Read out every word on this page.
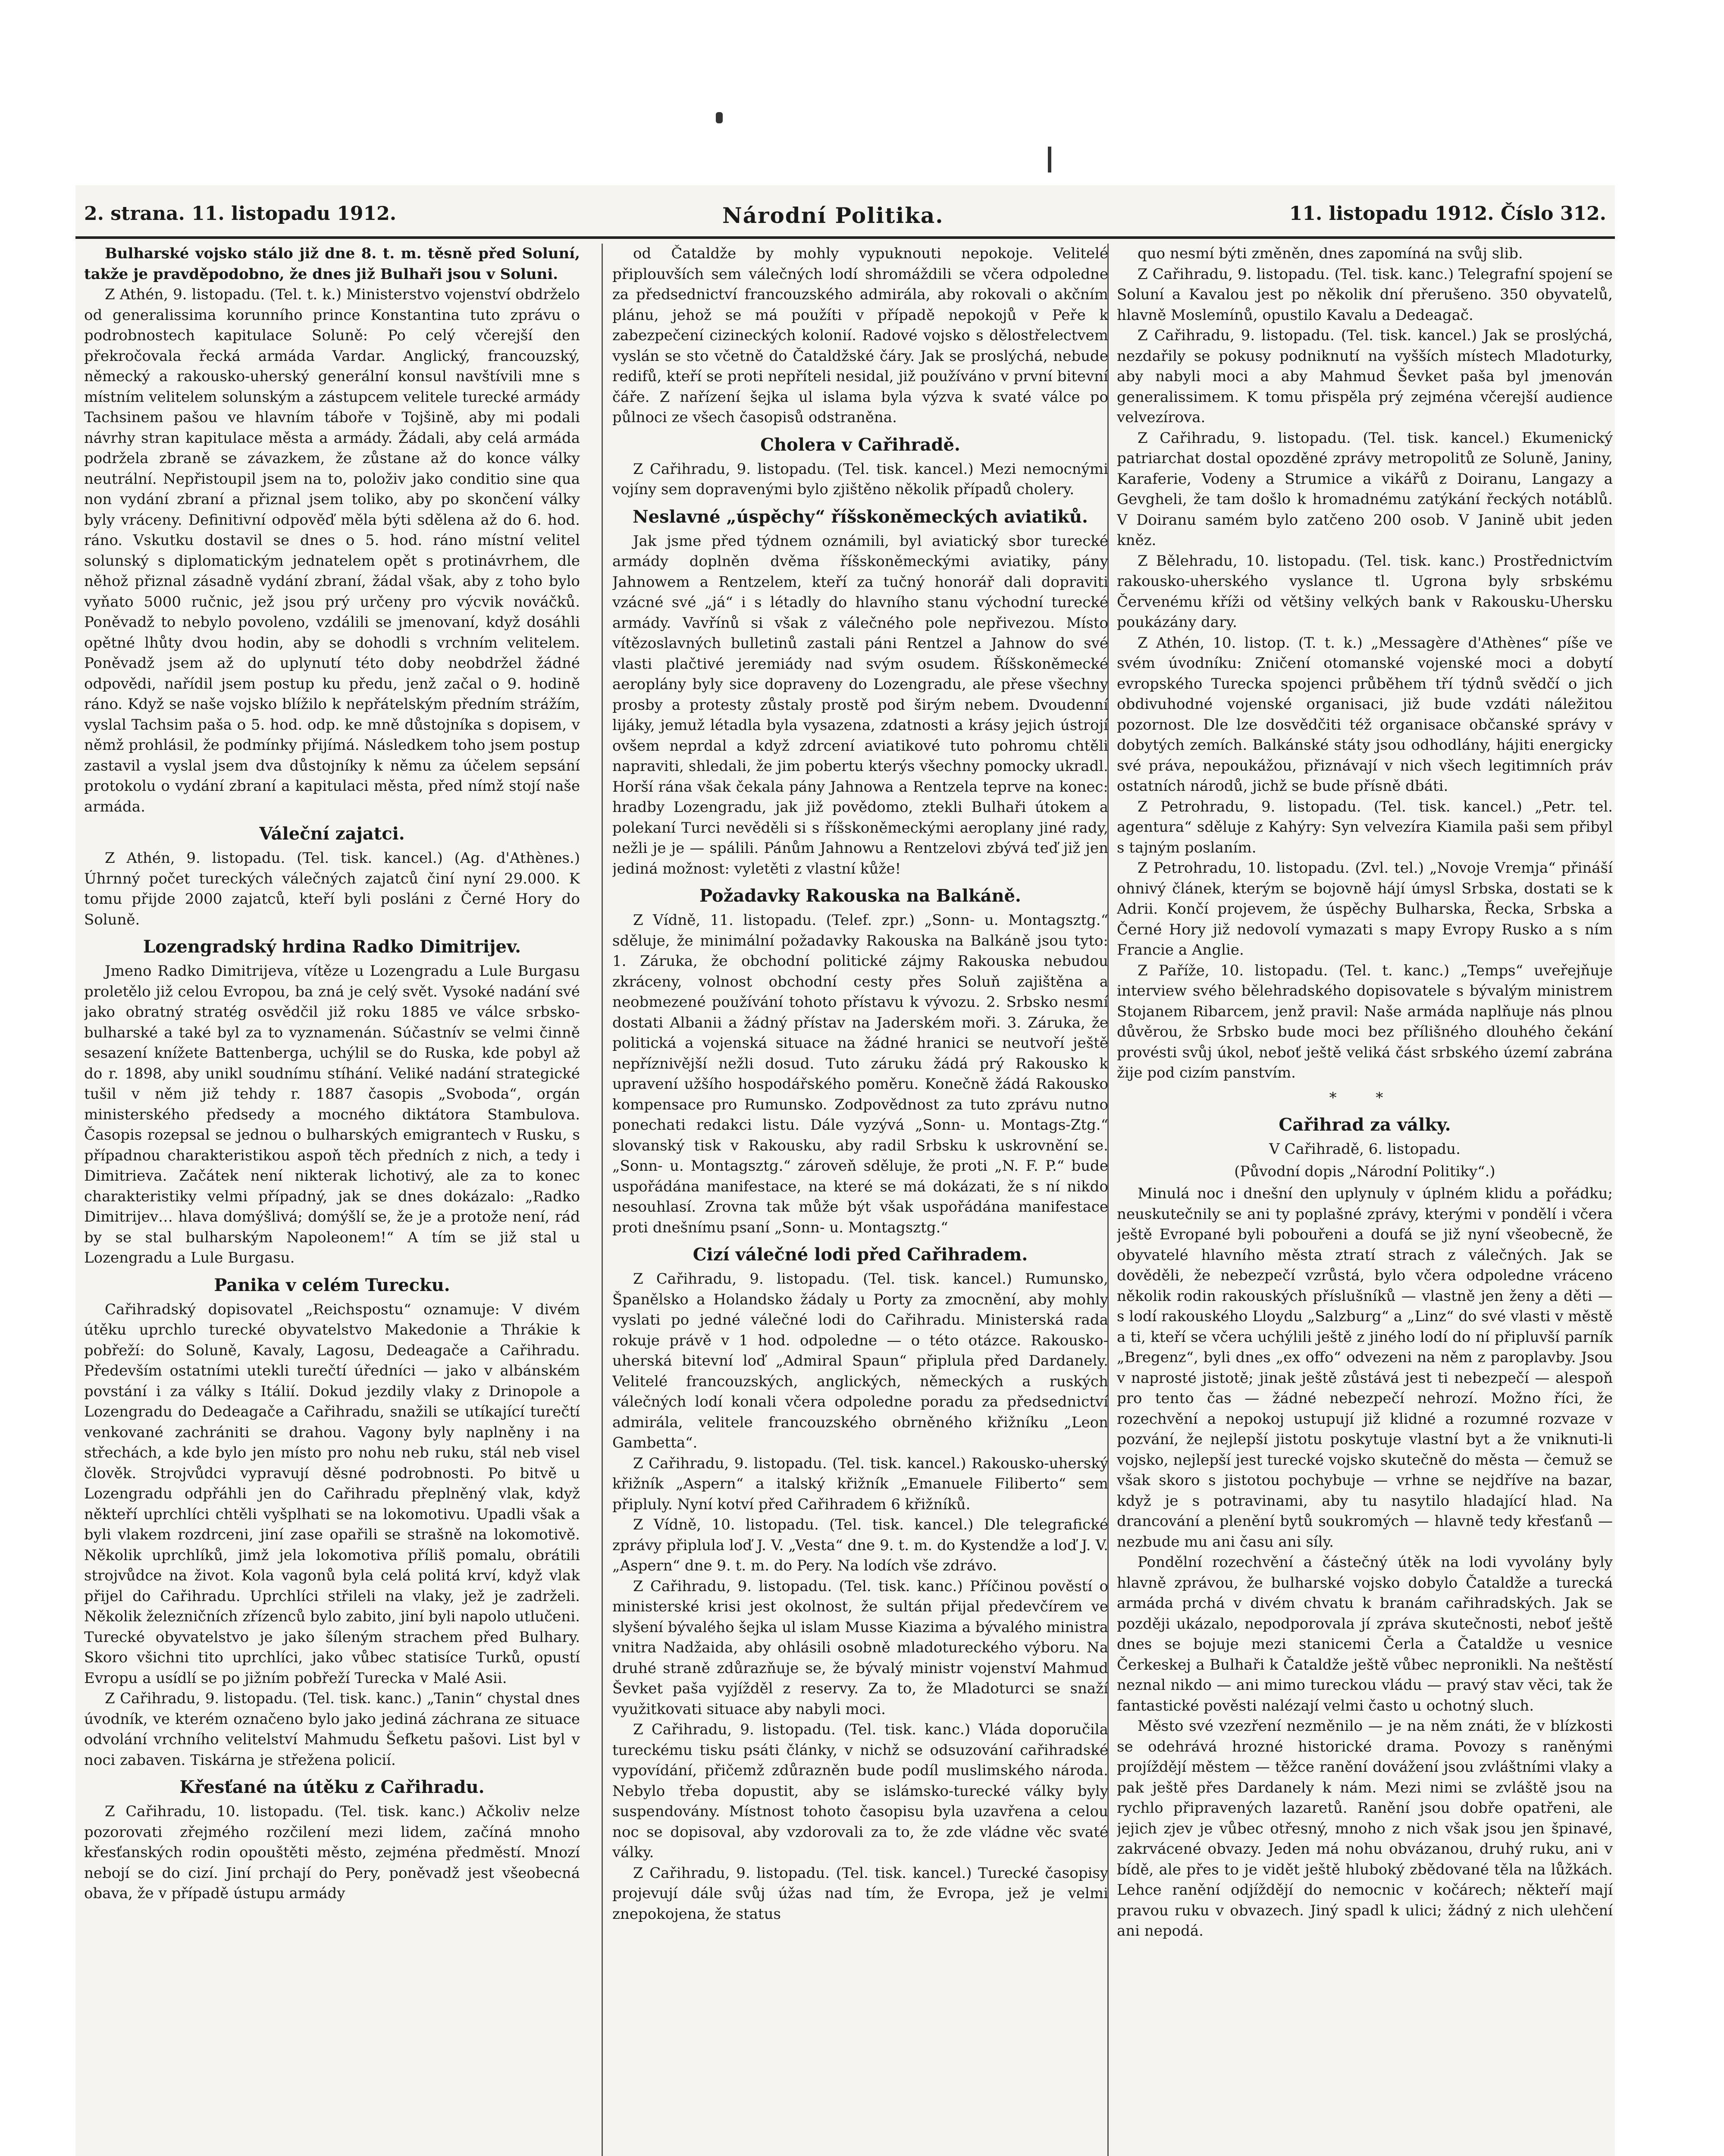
2. strana. 11. listopadu 1912.	Národní Politika.	11. listopadu 1912. Číslo 312.

Bulharské vojsko stálo již dne 8. t. m. těsně před Soluní, takže je pravděpodobno, že dnes již Bulhaři jsou v Soluni.

Z Athén, 9. listopadu. (Tel. t. k.) Ministerstvo vojenství obdrželo od generalissima korunního prince Konstantina tuto zprávu o podrobnostech kapitulace Soluně: Po celý včerejší den překročovala řecká armáda Vardar. Anglický, francouzský, německý a rakousko-uherský generální konsul navštívili mne s místním velitelem solunským a zástupcem velitele turecké armády Tachsinem pašou ve hlavním táboře v Tojšině, aby mi podali návrhy stran kapitulace města a armády. Žádali, aby celá armáda podržela zbraně se závazkem, že zůstane až do konce války neutrální. Nepřistoupil jsem na to, položiv jako conditio sine qua non vydání zbraní a přiznal jsem toliko, aby po skončení války byly vráceny. Definitivní odpověď měla býti sdělena až do 6. hod. ráno. Vskutku dostavil se dnes o 5. hod. ráno místní velitel solunský s diplomatickým jednatelem opět s protinávrhem, dle něhož přiznal zásadně vydání zbraní, žádal však, aby z toho bylo vyňato 5000 ručnic, jež jsou prý určeny pro výcvik nováčků. Poněvadž to nebylo povoleno, vzdálili se jmenovaní, když dosáhli opětné lhůty dvou hodin, aby se dohodli s vrchním velitelem. Poněvadž jsem až do uplynutí této doby neobdržel žádné odpovědi, nařídil jsem postup ku předu, jenž začal o 9. hodině ráno. Když se naše vojsko blížilo k nepřátelským předním strážím, vyslal Tachsim paša o 5. hod. odp. ke mně důstojníka s dopisem, v němž prohlásil, že podmínky přijímá. Následkem toho jsem postup zastavil a vyslal jsem dva důstojníky k němu za účelem sepsání protokolu o vydání zbraní a kapitulaci města, před nímž stojí naše armáda.

Váleční zajatci.

Z Athén, 9. listopadu. (Tel. tisk. kancel.) (Ag. d'Athènes.) Úhrnný počet tureckých válečných zajatců činí nyní 29.000. K tomu přijde 2000 zajatců, kteří byli posláni z Černé Hory do Soluně.

Lozengradský hrdina Radko Dimitrijev.

Jmeno Radko Dimitrijeva, vítěze u Lozengradu a Lule Burgasu proletělo již celou Evropou, ba zná je celý svět. Vysoké nadání své jako obratný stratég osvědčil již roku 1885 ve válce srbsko-bulharské a také byl za to vyznamenán. Súčastnív se velmi činně sesazení knížete Battenberga, uchýlil se do Ruska, kde pobyl až do r. 1898, aby unikl soudnímu stíhání. Veliké nadání strategické tušil v něm již tehdy r. 1887 časopis „Svoboda“, orgán ministerského předsedy a mocného diktátora Stambulova. Časopis rozepsal se jednou o bulharských emigrantech v Rusku, s případnou charakteristikou aspoň těch předních z nich, a tedy i Dimitrieva. Začátek není nikterak lichotivý, ale za to konec charakteristiky velmi případný, jak se dnes dokázalo: „Radko Dimitrijev… hlava domýšlivá; domýšlí se, že je a protože není, rád by se stal bulharským Napoleonem!“ A tím se již stal u Lozengradu a Lule Burgasu.

Panika v celém Turecku.

Cařihradský dopisovatel „Reichspostu“ oznamuje: V divém útěku uprchlo turecké obyvatelstvo Makedonie a Thrákie k pobřeží: do Soluně, Kavaly, Lagosu, Dedeagače a Cařihradu. Především ostatními utekli turečtí úředníci — jako v albánském povstání i za války s Itálií. Dokud jezdily vlaky z Drinopole a Lozengradu do Dedeagače a Cařihradu, snažili se utíkající turečtí venkované zachrániti se drahou. Vagony byly naplněny i na střechách, a kde bylo jen místo pro nohu neb ruku, stál neb visel člověk. Strojvůdci vypravují děsné podrobnosti. Po bitvě u Lozengradu odpřáhli jen do Cařihradu přeplněný vlak, když někteří uprchlíci chtěli vyšplhati se na lokomotivu. Upadli však a byli vlakem rozdrceni, jiní zase opařili se strašně na lokomotivě. Několik uprchlíků, jimž jela lokomotiva příliš pomalu, obrátili strojvůdce na život. Kola vagonů byla celá politá krví, když vlak přijel do Cařihradu. Uprchlíci střileli na vlaky, jež je zadrželi. Několik železničních zřízenců bylo zabito, jiní byli napolo utlučeni. Turecké obyvatelstvo je jako šíleným strachem před Bulhary. Skoro všichni tito uprchlíci, jako vůbec statisíce Turků, opustí Evropu a usídlí se po jižním pobřeží Turecka v Malé Asii.

Z Cařihradu, 9. listopadu. (Tel. tisk. kanc.) „Tanin“ chystal dnes úvodník, ve kterém označeno bylo jako jediná záchrana ze situace odvolání vrchního velitelství Mahmudu Šefketu pašovi. List byl v noci zabaven. Tiskárna je střežena policií.

Křesťané na útěku z Cařihradu.

Z Cařihradu, 10. listopadu. (Tel. tisk. kanc.) Ačkoliv nelze pozorovati zřejmého rozčilení mezi lidem, začíná mnoho křesťanských rodin opouštěti město, zejména předměstí. Mnozí nebojí se do cizí. Jiní prchají do Pery, poněvadž jest všeobecná obava, že v případě ústupu armády

od Čataldže by mohly vypuknouti nepokoje. Velitelé připlouvších sem válečných lodí shromáždili se včera odpoledne za předsednictví francouzského admirála, aby rokovali o akčním plánu, jehož se má použíti v případě nepokojů v Peře k zabezpečení cizineckých kolonií. Radové vojsko s dělostřelectvem vyslán se sto včetně do Čataldžské čáry. Jak se proslýchá, nebude redifů, kteří se proti nepříteli nesidal, již používáno v první bitevní čáře. Z nařízení šejka ul islama byla výzva k svaté válce po půlnoci ze všech časopisů odstraněna.

Cholera v Cařihradě.

Z Cařihradu, 9. listopadu. (Tel. tisk. kancel.) Mezi nemocnými vojíny sem dopravenými bylo zjištěno několik případů cholery.

Neslavné „úspěchy“ říšskoněmeckých aviatiků.

Jak jsme před týdnem oznámili, byl aviatický sbor turecké armády doplněn dvěma říšskoněmeckými aviatiky, pány Jahnowem a Rentzelem, kteří za tučný honorář dali dopraviti vzácné své „já“ i s létadly do hlavního stanu východní turecké armády. Vavřínů si však z válečného pole nepřivezou. Místo vítězoslavných bulletinů zastali páni Rentzel a Jahnow do své vlasti plačtivé jeremiády nad svým osudem. Říšskoněmecké aeroplány byly sice dopraveny do Lozengradu, ale přese všechny prosby a protesty zůstaly prostě pod širým nebem. Dvoudenní lijáky, jemuž létadla byla vysazena, zdatnosti a krásy jejich ústrojí ovšem neprdal a když zdrcení aviatikové tuto pohromu chtěli napraviti, shledali, že jim pobertu kterýs všechny pomocky ukradl. Horší rána však čekala pány Jahnowa a Rentzela teprve na konec: hradby Lozengradu, jak již povědomo, ztekli Bulhaři útokem a polekaní Turci nevěděli si s říšskoněmeckými aeroplany jiné rady, nežli je je — spálili. Pánům Jahnowu a Rentzelovi zbývá teď již jen jediná možnost: vyletěti z vlastní kůže!

Požadavky Rakouska na Balkáně.

Z Vídně, 11. listopadu. (Telef. zpr.) „Sonn- u. Montagsztg.“ sděluje, že minimální požadavky Rakouska na Balkáně jsou tyto: 1. Záruka, že obchodní politické zájmy Rakouska nebudou zkráceny, volnost obchodní cesty přes Soluň zajištěna a neobmezené používání tohoto přístavu k vývozu. 2. Srbsko nesmí dostati Albanii a žádný přístav na Jaderském moři. 3. Záruka, že politická a vojenská situace na žádné hranici se neutvoří ještě nepříznivější nežli dosud. Tuto záruku žádá prý Rakousko k upravení užšího hospodářského poměru. Konečně žádá Rakousko kompensace pro Rumunsko. Zodpovědnost za tuto zprávu nutno ponechati redakci listu. Dále vyzývá „Sonn- u. Montags-Ztg.“ slovanský tisk v Rakousku, aby radil Srbsku k uskrovnění se. „Sonn- u. Montagsztg.“ zároveň sděluje, že proti „N. F. P.“ bude uspořádána manifestace, na které se má dokázati, že s ní nikdo nesouhlasí. Zrovna tak může být však uspořádána manifestace proti dnešnímu psaní „Sonn- u. Montagsztg.“

Cizí válečné lodi před Cařihradem.

Z Cařihradu, 9. listopadu. (Tel. tisk. kancel.) Rumunsko, Španělsko a Holandsko žádaly u Porty za zmocnění, aby mohly vyslati po jedné válečné lodi do Cařihradu. Ministerská rada rokuje právě v 1 hod. odpoledne — o této otázce. Rakousko-uherská bitevní loď „Admiral Spaun“ připlula před Dardanely. Velitelé francouzských, anglických, německých a ruských válečných lodí konali včera odpoledne poradu za předsednictví admirála, velitele francouzského obrněného křižníku „Leon Gambetta“.

Z Cařihradu, 9. listopadu. (Tel. tisk. kancel.) Rakousko-uherský křižník „Aspern“ a italský křižník „Emanuele Filiberto“ sem připluly. Nyní kotví před Cařihradem 6 křižníků.

Z Vídně, 10. listopadu. (Tel. tisk. kancel.) Dle telegrafické zprávy připlula loď J. V. „Vesta“ dne 9. t. m. do Kystendže a loď J. V. „Aspern“ dne 9. t. m. do Pery. Na lodích vše zdrávo.

Z Cařihradu, 9. listopadu. (Tel. tisk. kanc.) Příčinou pověstí o ministerské krisi jest okolnost, že sultán přijal předevčírem ve slyšení bývalého šejka ul islam Musse Kiazima a bývalého ministra vnitra Nadžaida, aby ohlásili osobně mladotureckého výboru. Na druhé straně zdůrazňuje se, že bývalý ministr vojenství Mahmud Ševket paša vyjížděl z reservy. Za to, že Mladoturci se snaží využitkovati situace aby nabyli moci.

Z Cařihradu, 9. listopadu. (Tel. tisk. kanc.) Vláda doporučila tureckému tisku psáti články, v nichž se odsuzování cařihradské vypovídání, přičemž zdůrazněn bude podíl muslimského národa. Nebylo třeba dopustit, aby se islámsko-turecké války byly suspendovány. Místnost tohoto časopisu byla uzavřena a celou noc se dopisoval, aby vzdorovali za to, že zde vládne věc svaté války.

Z Cařihradu, 9. listopadu. (Tel. tisk. kancel.) Turecké časopisy projevují dále svůj úžas nad tím, že Evropa, jež je velmi znepokojena, že status

quo nesmí býti změněn, dnes zapomíná na svůj slib.

Z Cařihradu, 9. listopadu. (Tel. tisk. kanc.) Telegrafní spojení se Soluní a Kavalou jest po několik dní přerušeno. 350 obyvatelů, hlavně Moslemínů, opustilo Kavalu a Dedeagač.

Z Cařihradu, 9. listopadu. (Tel. tisk. kancel.) Jak se proslýchá, nezdařily se pokusy podniknutí na vyšších místech Mladoturky, aby nabyli moci a aby Mahmud Ševket paša byl jmenován generalissimem. K tomu přispěla prý zejména včerejší audience velvezírova.

Z Cařihradu, 9. listopadu. (Tel. tisk. kancel.) Ekumenický patriarchat dostal opozděné zprávy metropolitů ze Soluně, Janiny, Karaferie, Vodeny a Strumice a vikářů z Doiranu, Langazy a Gevgheli, že tam došlo k hromadnému zatýkání řeckých notáblů. V Doiranu samém bylo zatčeno 200 osob. V Janině ubit jeden kněz.

Z Bělehradu, 10. listopadu. (Tel. tisk. kanc.) Prostřednictvím rakousko-uherského vyslance tl. Ugrona byly srbskému Červenému kříži od většiny velkých bank v Rakousku-Uhersku poukázány dary.

Z Athén, 10. listop. (T. t. k.) „Messagère d'Athènes“ píše ve svém úvodníku: Zničení otomanské vojenské moci a dobytí evropského Turecka spojenci průběhem tří týdnů svědčí o jich obdivuhodné vojenské organisaci, již bude vzdáti náležitou pozornost. Dle lze dosvědčiti též organisace občanské správy v dobytých zemích. Balkánské státy jsou odhodlány, hájiti energicky své práva, nepoukážou, přiznávají v nich všech legitimních práv ostatních národů, jichž se bude přísně dbáti.

Z Petrohradu, 9. listopadu. (Tel. tisk. kancel.) „Petr. tel. agentura“ sděluje z Kahýry: Syn velvezíra Kiamila paši sem přibyl s tajným poslaním.

Z Petrohradu, 10. listopadu. (Zvl. tel.) „Novoje Vremja“ přináší ohnivý článek, kterým se bojovně hájí úmysl Srbska, dostati se k Adrii. Končí projevem, že úspěchy Bulharska, Řecka, Srbska a Černé Hory již nedovolí vymazati s mapy Evropy Rusko a s ním Francie a Anglie.

Z Paříže, 10. listopadu. (Tel. t. kanc.) „Temps“ uveřejňuje interview svého bělehradského dopisovatele s bývalým ministrem Stojanem Ribarcem, jenž pravil: Naše armáda naplňuje nás plnou důvěrou, že Srbsko bude moci bez přílišného dlouhého čekání provésti svůj úkol, neboť ještě veliká část srbského území zabrána žije pod cizím panstvím.

* *
Cařihrad za války.
V Cařihradě, 6. listopadu.
(Původní dopis „Národní Politiky“.)

Minulá noc i dnešní den uplynuly v úplném klidu a pořádku; neuskutečnily se ani ty poplašné zprávy, kterými v pondělí i včera ještě Evropané byli pobouřeni a doufá se již nyní všeobecně, že obyvatelé hlavního města ztratí strach z válečných. Jak se dověděli, že nebezpečí vzrůstá, bylo včera odpoledne vráceno několik rodin rakouských příslušníků — vlastně jen ženy a děti — s lodí rakouského Lloydu „Salzburg“ a „Linz“ do své vlasti v městě a ti, kteří se včera uchýlili ještě z jiného lodí do ní připluvší parník „Bregenz“, byli dnes „ex offo“ odvezeni na něm z paroplavby. Jsou v naprosté jistotě; jinak ještě zůstává jest ti nebezpečí — alespoň pro tento čas — žádné nebezpečí nehrozí. Možno říci, že rozechvění a nepokoj ustupují již klidné a rozumné rozvaze v pozvání, že nejlepší jistotu poskytuje vlastní byt a že vniknuti-li vojsko, nejlepší jest turecké vojsko skutečně do města — čemuž se však skoro s jistotou pochybuje — vrhne se nejdříve na bazar, když je s potravinami, aby tu nasytilo hladající hlad. Na drancování a plenění bytů soukromých — hlavně tedy křesťanů — nezbude mu ani času ani síly.

Pondělní rozechvění a částečný útěk na lodi vyvolány byly hlavně zprávou, že bulharské vojsko dobylo Čataldže a turecká armáda prchá v divém chvatu k branám cařihradských. Jak se později ukázalo, nepodporovala jí zpráva skutečnosti, neboť ještě dnes se bojuje mezi stanicemi Čerla a Čataldže u vesnice Čerkeskej a Bulhaři k Čataldže ještě vůbec nepronikli. Na neštěstí neznal nikdo — ani mimo tureckou vládu — pravý stav věci, tak že fantastické pověsti nalézají velmi často u ochotný sluch.

Město své vzezření nezměnilo — je na něm znáti, že v blízkosti se odehrává hrozné historické drama. Povozy s raněnými projíždějí městem — těžce ranění dovážení jsou zvláštními vlaky a pak ještě přes Dardanely k nám. Mezi nimi se zvláště jsou na rychlo připravených lazaretů. Ranění jsou dobře opatřeni, ale jejich zjev je vůbec otřesný, mnoho z nich však jsou jen špinavé, zakrvácené obvazy. Jeden má nohu obvázanou, druhý ruku, ani v bídě, ale přes to je vidět ještě hluboký zbědované těla na lůžkách. Lehce ranění odjíždějí do nemocnic v kočárech; někteří mají pravou ruku v obvazech. Jiný spadl k ulici; žádný z nich ulehčení ani nepodá.
